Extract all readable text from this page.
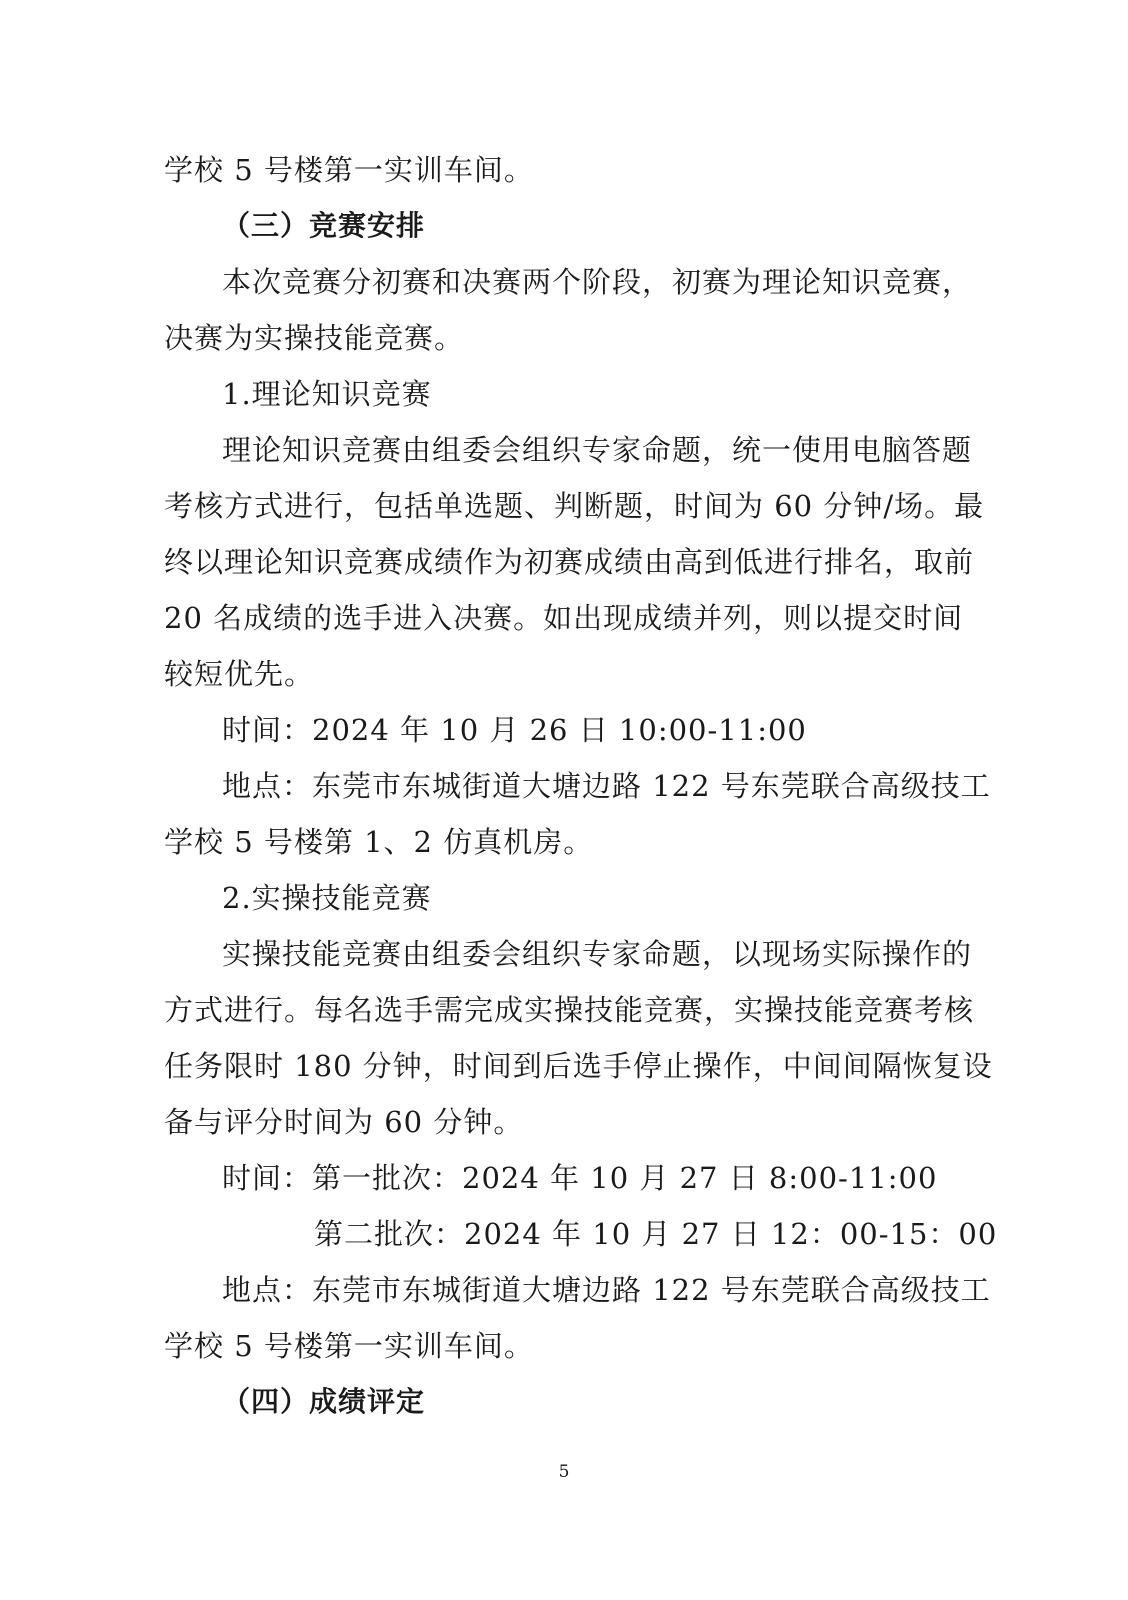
学校 5 号楼第一实训车间。
（三）竞赛安排
本次竞赛分初赛和决赛两个阶段，初赛为理论知识竞赛，
决赛为实操技能竞赛。
1.理论知识竞赛
理论知识竞赛由组委会组织专家命题，统一使用电脑答题
考核方式进行，包括单选题、判断题，时间为 60 分钟/场。最
终以理论知识竞赛成绩作为初赛成绩由高到低进行排名，取前
20 名成绩的选手进入决赛。如出现成绩并列，则以提交时间
较短优先。
时间：2024 年 10 月 26 日 10:00-11:00
地点：东莞市东城街道大塘边路 122 号东莞联合高级技工
学校 5 号楼第 1、2 仿真机房。
2.实操技能竞赛
实操技能竞赛由组委会组织专家命题，以现场实际操作的
方式进行。每名选手需完成实操技能竞赛，实操技能竞赛考核
任务限时 180 分钟，时间到后选手停止操作，中间间隔恢复设
备与评分时间为 60 分钟。
时间：第一批次：2024 年 10 月 27 日 8:00-11:00
第二批次：2024 年 10 月 27 日 12：00-15：00
地点：东莞市东城街道大塘边路 122 号东莞联合高级技工
学校 5 号楼第一实训车间。
（四）成绩评定
5
